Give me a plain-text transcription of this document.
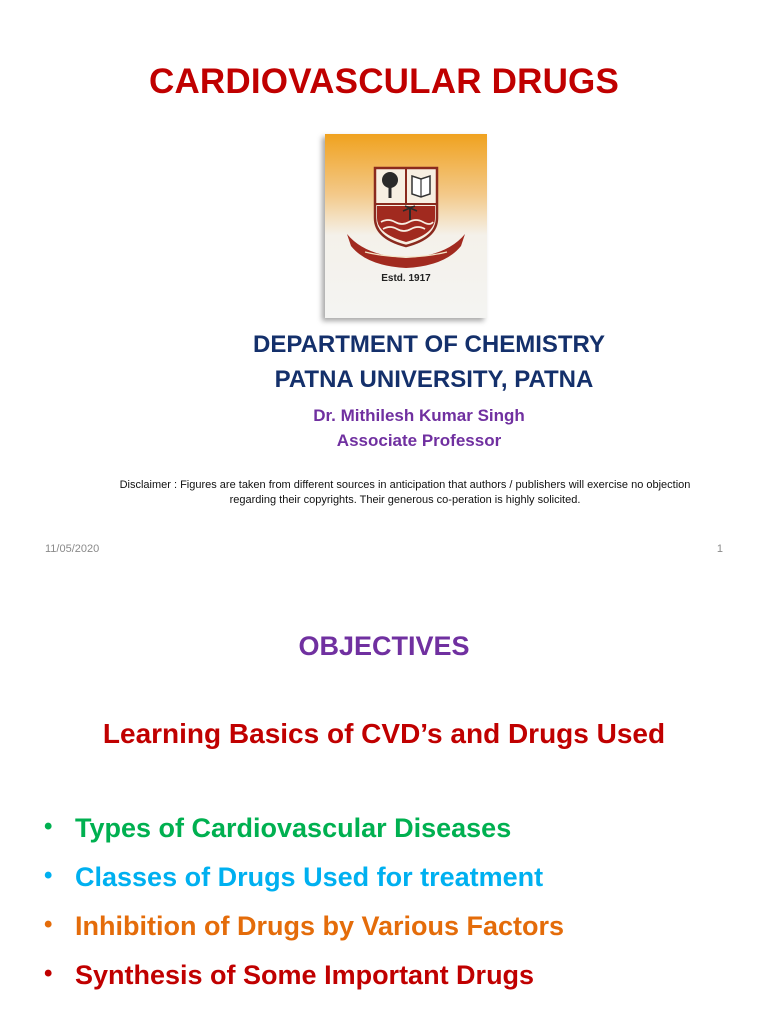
CARDIOVASCULAR DRUGS
Estd. 1917
DEPARTMENT OF CHEMISTRY
PATNA UNIVERSITY, PATNA
Dr. Mithilesh Kumar Singh
Associate Professor
Disclaimer : Figures are taken from different sources in anticipation that authors / publishers will exercise no objection
regarding their copyrights. Their generous co-peration is highly solicited.
11/05/2020	1
OBJECTIVES
Learning Basics of CVD’s and Drugs Used
• Types of Cardiovascular Diseases
• Classes of Drugs Used for treatment
• Inhibition of Drugs by Various Factors
• Synthesis of Some Important Drugs
